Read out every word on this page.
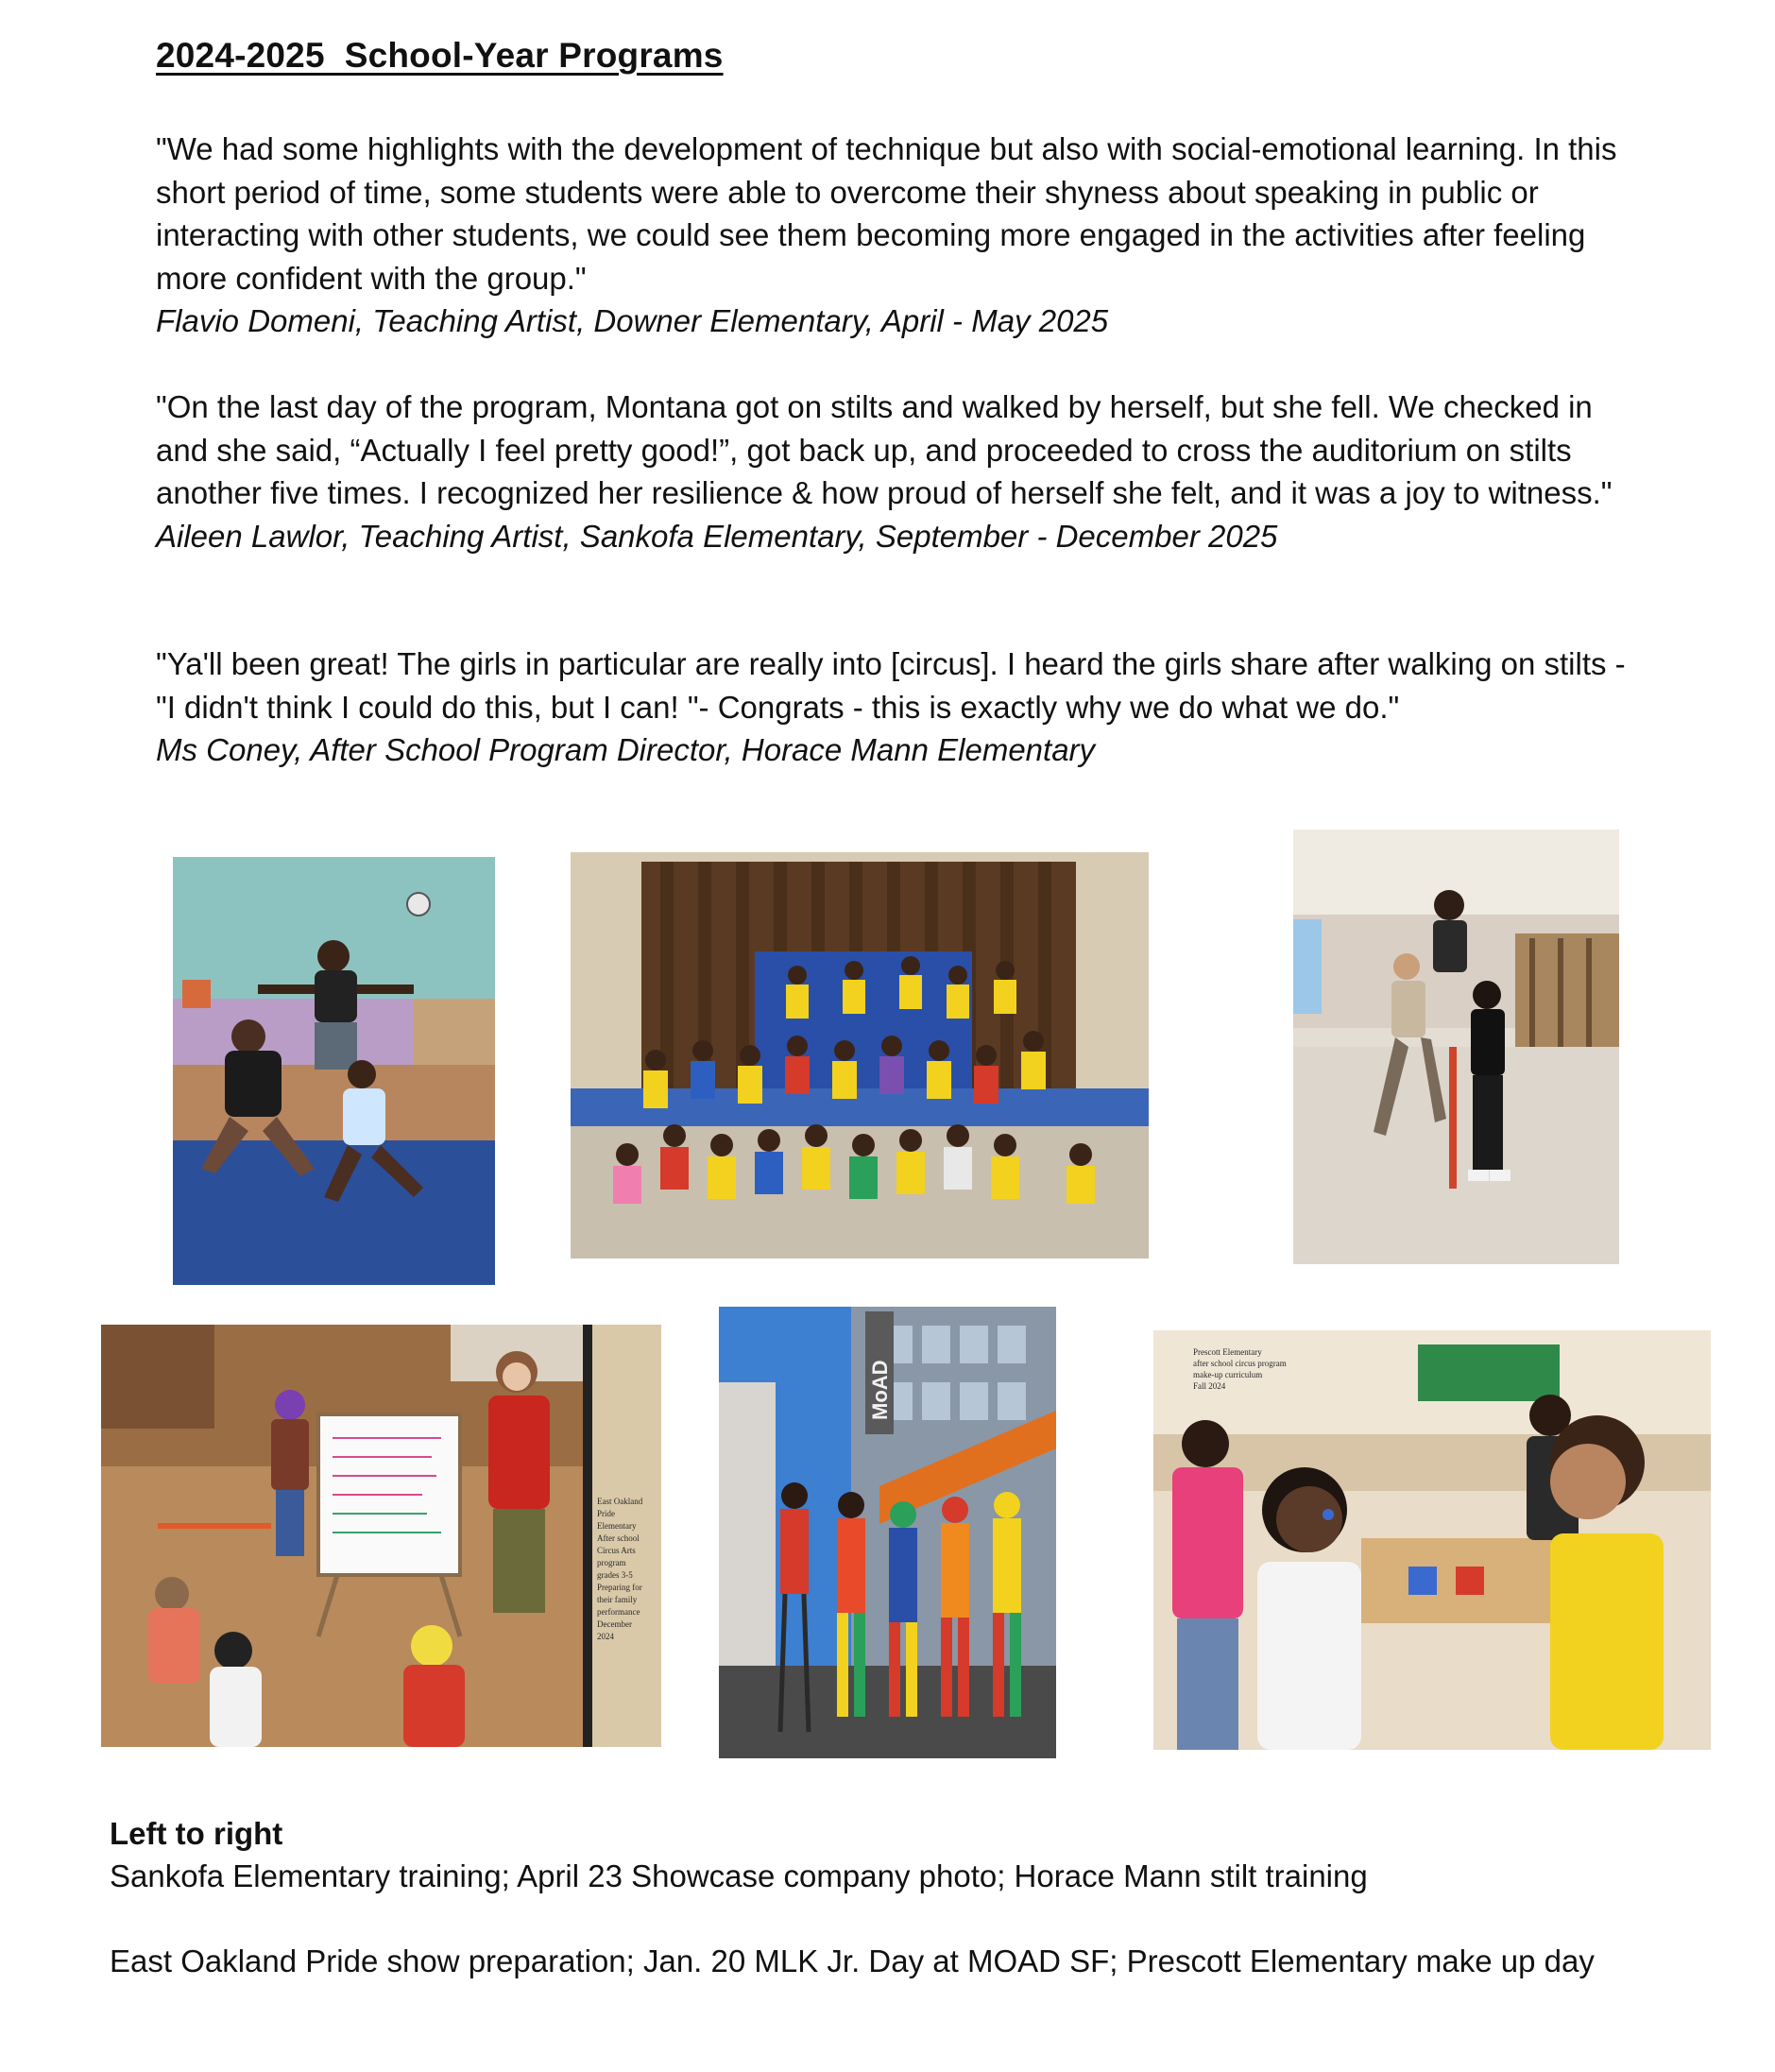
2024-2025  School-Year Programs

"We had some highlights with the development of technique but also with social-emotional learning. In this short period of time, some students were able to overcome their shyness about speaking in public or interacting with other students, we could see them becoming more engaged in the activities after feeling more confident with the group."

Flavio Domeni, Teaching Artist, Downer Elementary, April - May 2025

"On the last day of the program, Montana got on stilts and walked by herself, but she fell. We checked in and she said, “Actually I feel pretty good!”, got back up, and proceeded to cross the auditorium on stilts another five times. I recognized her resilience & how proud of herself she felt, and it was a joy to witness."

Aileen Lawlor, Teaching Artist, Sankofa Elementary, September - December 2025

"Ya'll been great! The girls in particular are really into [circus]. I heard the girls share after walking on stilts - "I didn't think I could do this, but I can! "- Congrats - this is exactly why we do what we do."

Ms Coney, After School Program Director, Horace Mann Elementary

East Oakland
Pride
Elementary
After school
Circus Arts
program
grades 3-5
Preparing for
their family
performance
December
2024
MoAD
Prescott Elementary
after school circus program
make-up curriculum
Fall 2024
Left to right
Sankofa Elementary training; April 23 Showcase company photo; Horace Mann stilt training
East Oakland Pride show preparation; Jan. 20 MLK Jr. Day at MOAD SF; Prescott Elementary make up day
